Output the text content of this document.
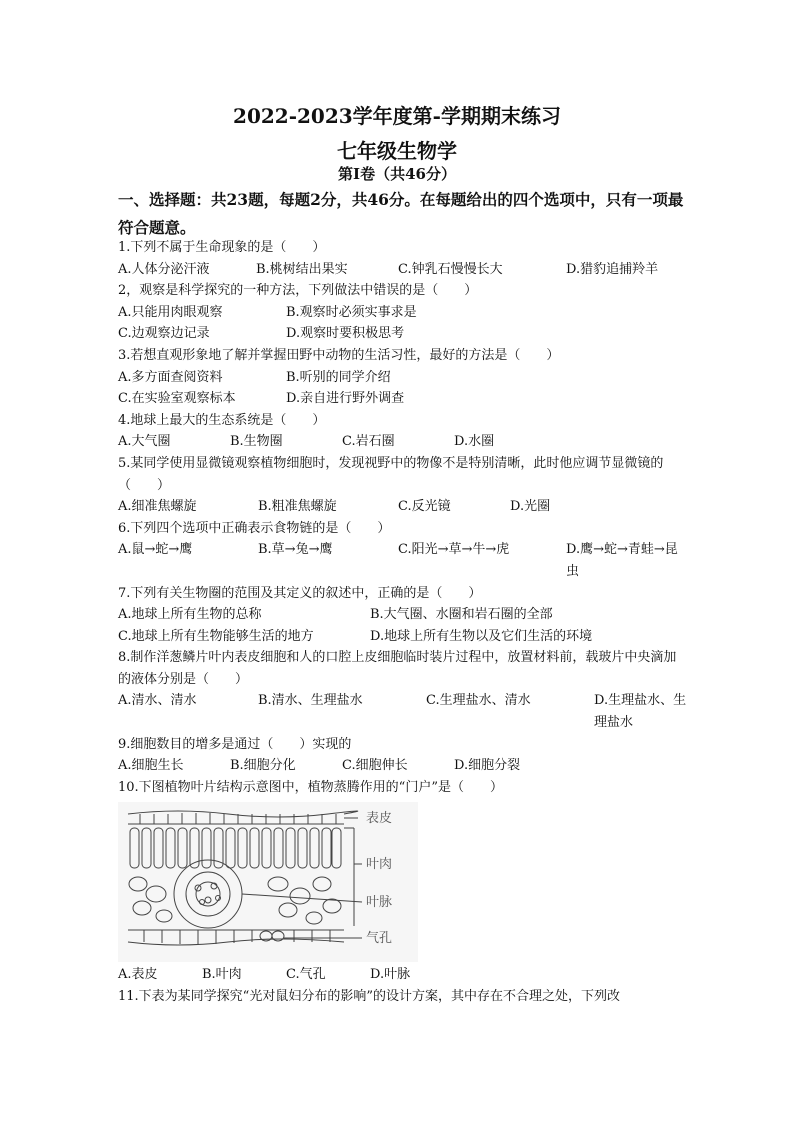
2022-2023学年度第-学期期末练习
七年级生物学
第I卷（共46分）
一、选择题：共23题，每题2分，共46分。在每题给出的四个选项中，只有一项最符合题意。
1.下列不属于生命现象的是（　　）
A.人体分泌汗液	B.桃树结出果实	C.钟乳石慢慢长大	D.猎豹追捕羚羊
2，观察是科学探究的一种方法，下列做法中错误的是（　　）
A.只能用肉眼观察	B.观察时必须实事求是
C.边观察边记录	D.观察时要积极思考
3.若想直观形象地了解并掌握田野中动物的生活习性，最好的方法是（　　）
A.多方面查阅资料	B.听别的同学介绍
C.在实验室观察标本	D.亲自进行野外调查
4.地球上最大的生态系统是（　　）
A.大气圈	B.生物圈	C.岩石圈	D.水圈
5.某同学使用显微镜观察植物细胞时，发现视野中的物像不是特别清晰，此时他应调节显微镜的（　　）
A.细准焦螺旋	B.粗准焦螺旋	C.反光镜	D.光圈
6.下列四个选项中正确表示食物链的是（　　）
A.鼠→蛇→鹰	B.草→兔→鹰	C.阳光→草→牛→虎	D.鹰→蛇→青蛙→昆虫
7.下列有关生物圈的范围及其定义的叙述中，正确的是（　　）
A.地球上所有生物的总称	B.大气圈、水圈和岩石圈的全部
C.地球上所有生物能够生活的地方	D.地球上所有生物以及它们生活的环境
8.制作洋葱鳞片叶内表皮细胞和人的口腔上皮细胞临时装片过程中，放置材料前，载玻片中央滴加的液体分别是（　　）
A.清水、清水	B.清水、生理盐水	C.生理盐水、清水	D.生理盐水、生理盐水
9.细胞数目的增多是通过（　　）实现的
A.细胞生长	B.细胞分化	C.细胞伸长	D.细胞分裂
10.下图植物叶片结构示意图中，植物蒸腾作用的“门户”是（　　）
表皮
叶肉
叶脉
气孔
A.表皮	B.叶肉	C.气孔	D.叶脉
11.下表为某同学探究“光对鼠妇分布的影响”的设计方案，其中存在不合理之处，下列改
